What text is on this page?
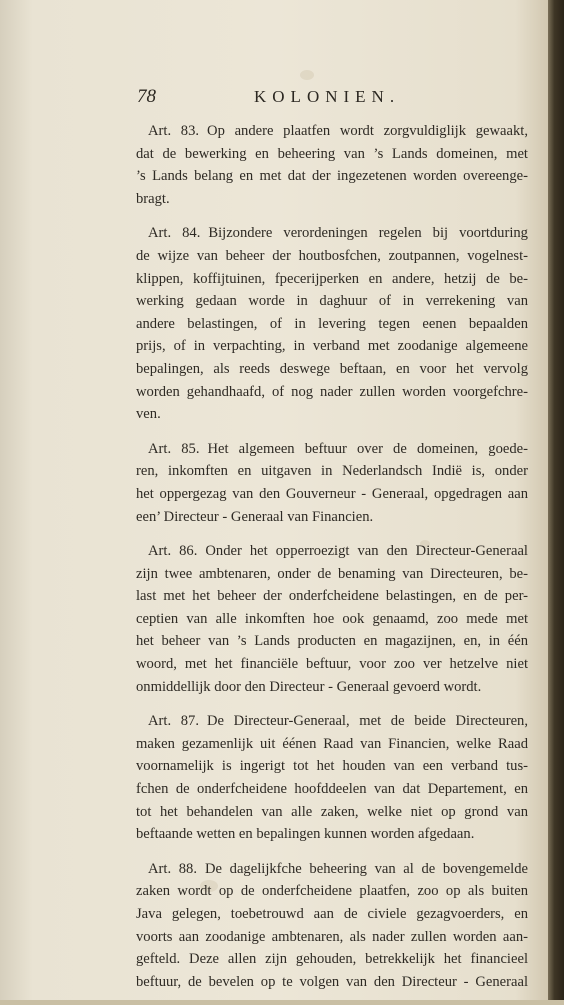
78	KOLONIEN.
Art. 83. Op andere plaatfen wordt zorgvuldiglijk gewaakt,
dat de bewerking en beheering van ’s Lands domeinen, met
’s Lands belang en met dat der ingezetenen worden overeenge-
bragt.
Art. 84. Bijzondere verordeningen regelen bij voortduring
de wijze van beheer der houtbosfchen, zoutpannen, vogelnest-
klippen, koffijtuinen, fpecerijperken en andere, hetzij de be-
werking gedaan worde in daghuur of in verrekening van
andere belastingen, of in levering tegen eenen bepaalden
prijs, of in verpachting, in verband met zoodanige algemeene
bepalingen, als reeds deswege beftaan, en voor het vervolg
worden gehandhaafd, of nog nader zullen worden voorgefchre-
ven.
Art. 85. Het algemeen beftuur over de domeinen, goede-
ren, inkomften en uitgaven in Nederlandsch Indië is, onder
het oppergezag van den Gouverneur - Generaal, opgedragen aan
een’ Directeur - Generaal van Financien.
Art. 86. Onder het opperroezigt van den Directeur-Generaal
zijn twee ambtenaren, onder de benaming van Directeuren, be-
last met het beheer der onderfcheidene belastingen, en de per-
ceptien van alle inkomften hoe ook genaamd, zoo mede met
het beheer van ’s Lands producten en magazijnen, en, in één
woord, met het financiële beftuur, voor zoo ver hetzelve niet
onmiddellijk door den Directeur - Generaal gevoerd wordt.
Art. 87. De Directeur-Generaal, met de beide Directeuren,
maken gezamenlijk uit éénen Raad van Financien, welke Raad
voornamelijk is ingerigt tot het houden van een verband tus-
fchen de onderfcheidene hoofddeelen van dat Departement, en
tot het behandelen van alle zaken, welke niet op grond van
beftaande wetten en bepalingen kunnen worden afgedaan.
Art. 88. De dagelijkfche beheering van al de bovengemelde
zaken wordt op de onderfcheidene plaatfen, zoo op als buiten
Java gelegen, toebetrouwd aan de civiele gezagvoerders, en
voorts aan zoodanige ambtenaren, als nader zullen worden aan-
gefteld. Deze allen zijn gehouden, betrekkelijk het financieel
beftuur, de bevelen op te volgen van den Directeur - Generaal
